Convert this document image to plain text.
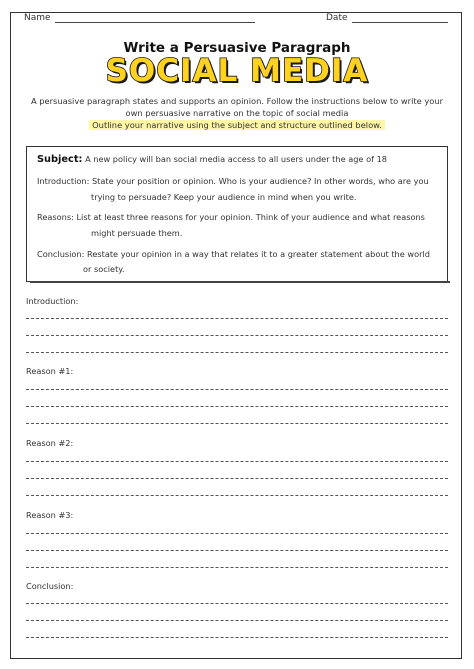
Name	Date
Write a Persuasive Paragraph
SOCIAL MEDIA
A persuasive paragraph states and supports an opinion. Follow the instructions below to write your
own persuasive narrative on the topic of social media
Outline your narrative using the subject and structure outlined below.
Subject: A new policy will ban social media access to all users under the age of 18
Introduction: State your position or opinion. Who is your audience? In other words, who are you
trying to persuade? Keep your audience in mind when you write.
Reasons: List at least three reasons for your opinion. Think of your audience and what reasons
might persuade them.
Conclusion: Restate your opinion in a way that relates it to a greater statement about the world
or society.
Introduction:
Reason #1:
Reason #2:
Reason #3:
Conclusion:
